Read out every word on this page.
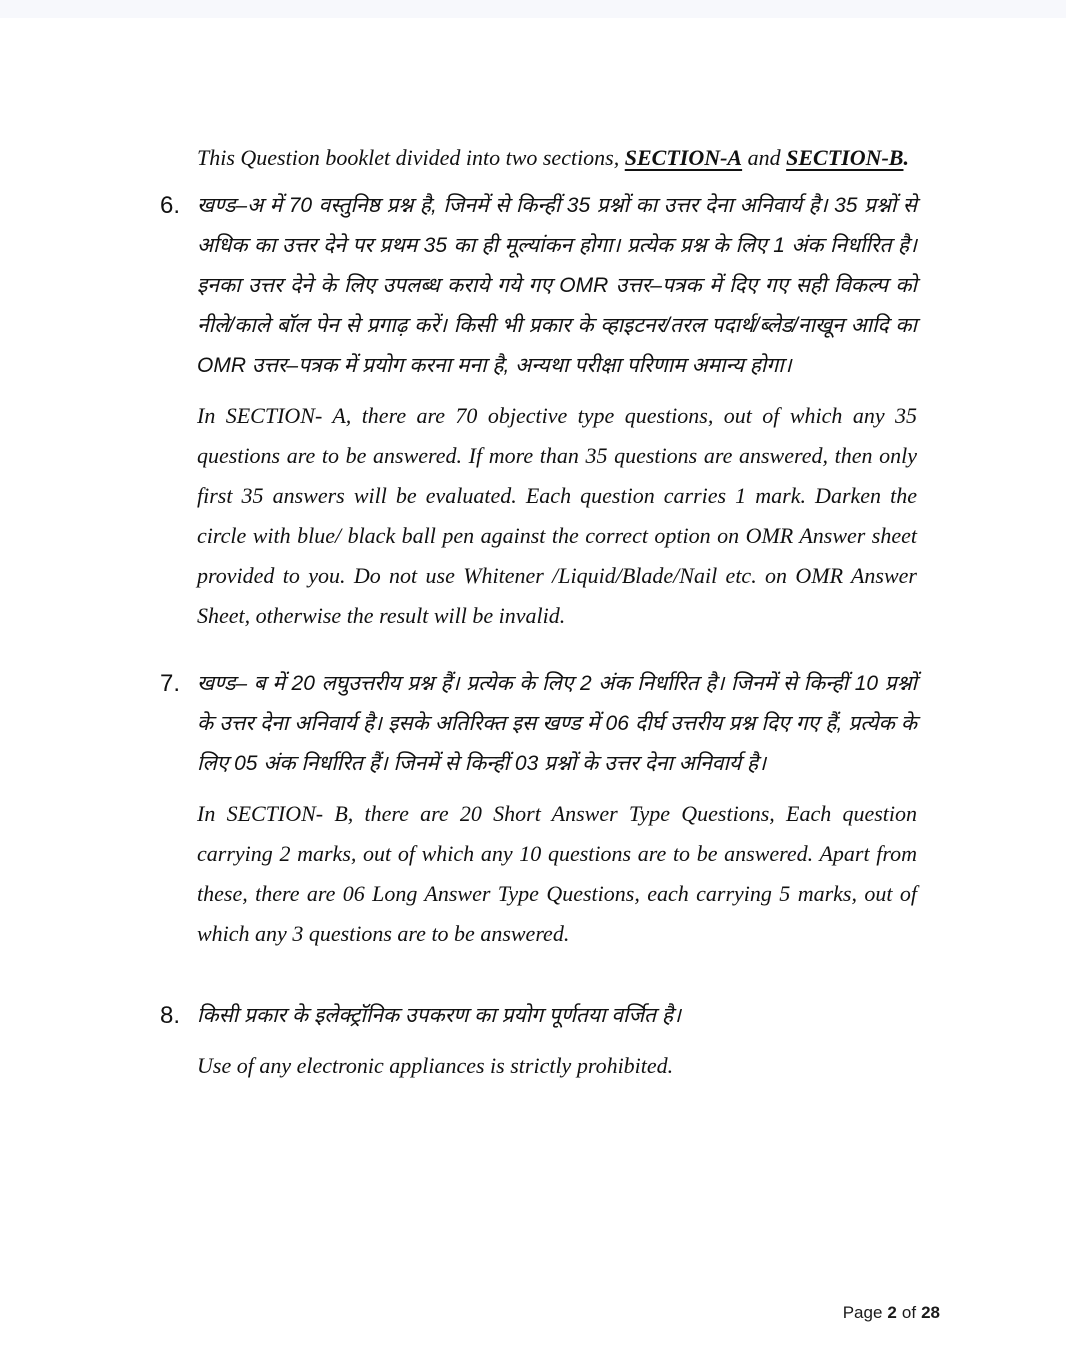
This Question booklet divided into two sections, SECTION-A and SECTION-B.

6. खण्ड–अ में 70 वस्तुनिष्ठ प्रश्न है, जिनमें से किन्हीं 35 प्रश्नों का उत्तर देना अनिवार्य है। 35 प्रश्नों से अधिक का उत्तर देने पर प्रथम 35 का ही मूल्यांकन होगा। प्रत्येक प्रश्न के लिए 1 अंक निर्धारित है। इनका उत्तर देने के लिए उपलब्ध कराये गये गए OMR उत्तर–पत्रक में दिए गए सही विकल्प को नीले/काले बॉल पेन से प्रगाढ़ करें। किसी भी प्रकार के व्हाइटनर/तरल पदार्थ/ब्लेड/नाखून आदि का OMR उत्तर–पत्रक में प्रयोग करना मना है, अन्यथा परीक्षा परिणाम अमान्य होगा।

In SECTION- A, there are 70 objective type questions, out of which any 35 questions are to be answered. If more than 35 questions are answered, then only first 35 answers will be evaluated. Each question carries 1 mark. Darken the circle with blue/ black ball pen against the correct option on OMR Answer sheet provided to you. Do not use Whitener /Liquid/Blade/Nail etc. on OMR Answer Sheet, otherwise the result will be invalid.

7. खण्ड– ब में 20 लघुउत्तरीय प्रश्न हैं। प्रत्येक के लिए 2 अंक निर्धारित है। जिनमें से किन्हीं 10 प्रश्नों के उत्तर देना अनिवार्य है। इसके अतिरिक्त इस खण्ड में 06 दीर्घ उत्तरीय प्रश्न दिए गए हैं, प्रत्येक के लिए 05 अंक निर्धारित हैं। जिनमें से किन्हीं 03 प्रश्नों के उत्तर देना अनिवार्य है।

In SECTION- B, there are 20 Short Answer Type Questions, Each question carrying 2 marks, out of which any 10 questions are to be answered. Apart from these, there are 06 Long Answer Type Questions, each carrying 5 marks, out of which any 3 questions are to be answered.

8. किसी प्रकार के इलेक्ट्रॉनिक उपकरण का प्रयोग पूर्णतया वर्जित है।

Use of any electronic appliances is strictly prohibited.

Page 2 of 28
